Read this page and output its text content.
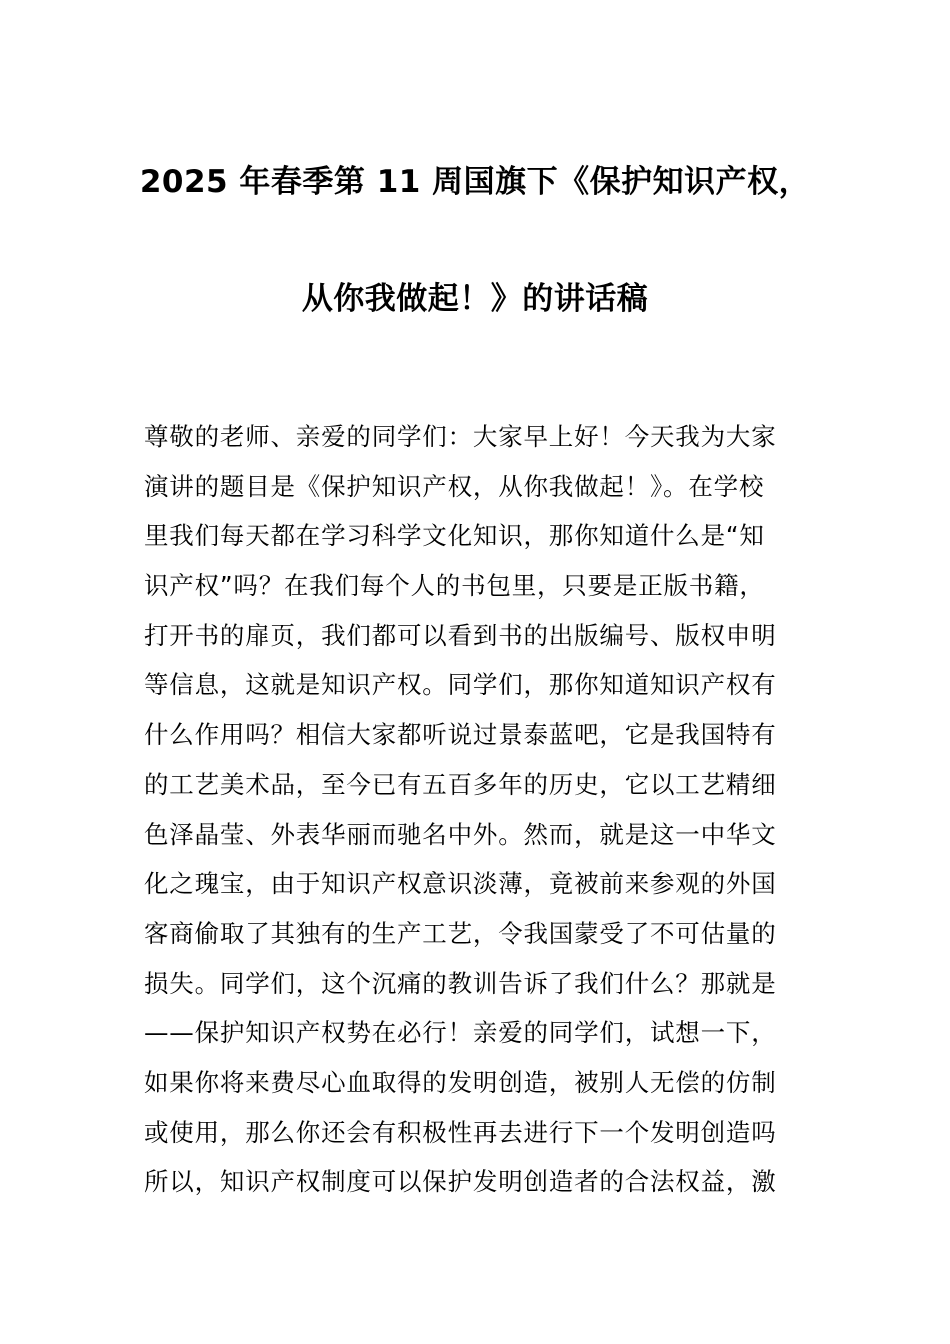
2025 年春季第 11 周国旗下《保护知识产权，
从你我做起！》的讲话稿
尊敬的老师、亲爱的同学们：大家早上好！今天我为大家
演讲的题目是《保护知识产权，从你我做起！》。在学校
里我们每天都在学习科学文化知识，那你知道什么是“知
识产权”吗？在我们每个人的书包里，只要是正版书籍，
打开书的扉页，我们都可以看到书的出版编号、版权申明
等信息，这就是知识产权。同学们，那你知道知识产权有
什么作用吗？相信大家都听说过景泰蓝吧，它是我国特有
的工艺美术品，至今已有五百多年的历史，它以工艺精细
色泽晶莹、外表华丽而驰名中外。然而，就是这一中华文
化之瑰宝，由于知识产权意识淡薄，竟被前来参观的外国
客商偷取了其独有的生产工艺，令我国蒙受了不可估量的
损失。同学们，这个沉痛的教训告诉了我们什么？那就是
——保护知识产权势在必行！亲爱的同学们，试想一下，
如果你将来费尽心血取得的发明创造，被别人无偿的仿制
或使用，那么你还会有积极性再去进行下一个发明创造吗
所以，知识产权制度可以保护发明创造者的合法权益，激
